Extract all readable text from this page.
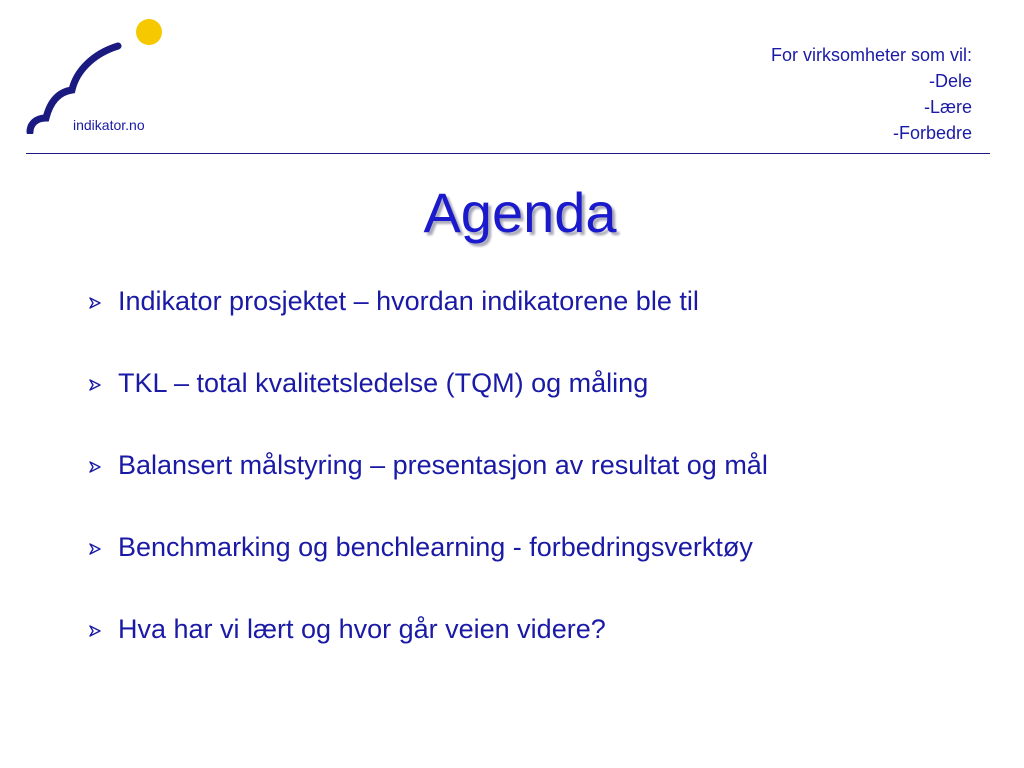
indikator.no
For virksomheter som vil:
-Dele
-Lære
-Forbedre
Agenda
Indikator prosjektet – hvordan indikatorene ble til
TKL – total kvalitetsledelse (TQM) og måling
Balansert målstyring – presentasjon av resultat og mål
Benchmarking og benchlearning - forbedringsverktøy
Hva har vi lært og hvor går veien videre?
